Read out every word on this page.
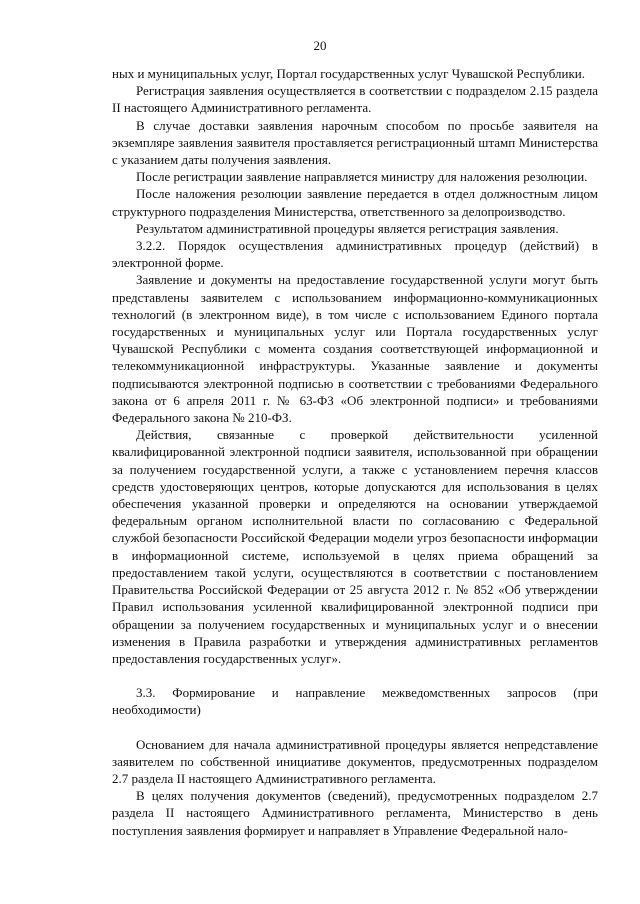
20

ных и муниципальных услуг, Портал государственных услуг Чувашской Республики.

Регистрация заявления осуществляется в соответствии с подразделом 2.15 раздела II настоящего Административного регламента.

В случае доставки заявления нарочным способом по просьбе заявителя на экземпляре заявления заявителя проставляется регистрационный штамп Министерства с указанием даты получения заявления.

После регистрации заявление направляется министру для наложения резолюции.

После наложения резолюции заявление передается в отдел должностным лицом структурного подразделения Министерства, ответственного за делопроизводство.

Результатом административной процедуры является регистрация заявления.

3.2.2. Порядок осуществления административных процедур (действий) в электронной форме.

Заявление и документы на предоставление государственной услуги могут быть представлены заявителем с использованием информационно-коммуникационных технологий (в электронном виде), в том числе с использованием Единого портала государственных и муниципальных услуг или Портала государственных услуг Чувашской Республики с момента создания соответствующей информационной и телекоммуникационной инфраструктуры. Указанные заявление и документы подписываются электронной подписью в соответствии с требованиями Федерального закона от 6 апреля 2011 г. № 63-ФЗ «Об электронной подписи» и требованиями Федерального закона № 210-ФЗ.

Действия, связанные с проверкой действительности усиленной квалифицированной электронной подписи заявителя, использованной при обращении за получением государственной услуги, а также с установлением перечня классов средств удостоверяющих центров, которые допускаются для использования в целях обеспечения указанной проверки и определяются на основании утверждаемой федеральным органом исполнительной власти по согласованию с Федеральной службой безопасности Российской Федерации модели угроз безопасности информации в информационной системе, используемой в целях приема обращений за предоставлением такой услуги, осуществляются в соответствии с постановлением Правительства Российской Федерации от 25 августа 2012 г. № 852 «Об утверждении Правил использования усиленной квалифицированной электронной подписи при обращении за получением государственных и муниципальных услуг и о внесении изменения в Правила разработки и утверждения административных регламентов предоставления государственных услуг».

3.3. Формирование и направление межведомственных запросов (при необходимости)

Основанием для начала административной процедуры является непредставление заявителем по собственной инициативе документов, предусмотренных подразделом 2.7 раздела II настоящего Административного регламента.

В целях получения документов (сведений), предусмотренных подразделом 2.7 раздела II настоящего Административного регламента, Министерство в день поступления заявления формирует и направляет в Управление Федеральной нало-
